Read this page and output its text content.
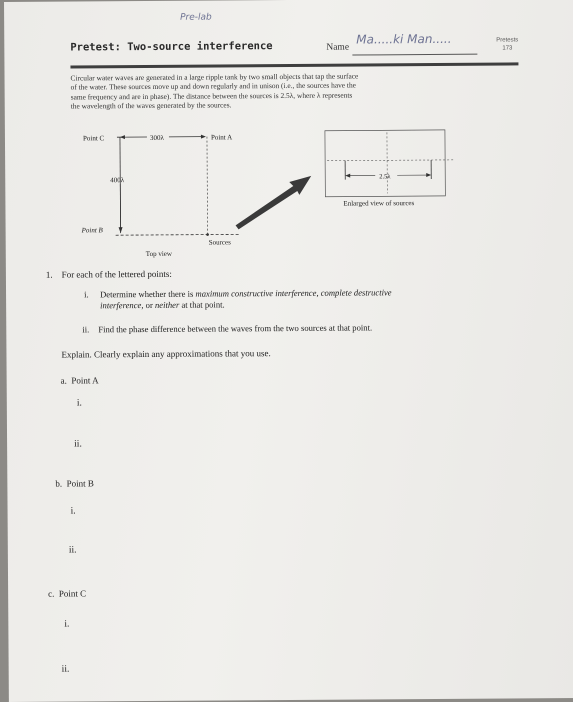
Pre-lab
Pretest: Two-source interference	Name
Ma.....ki Man.....	Pretests
173
Circular water waves are generated in a large ripple tank by two small objects that tap the surface
of the water. These sources move up and down regularly and in unison (i.e., the sources have the
same frequency and are in phase). The distance between the sources is 2.5λ, where λ represents
the wavelength of the waves generated by the sources.
Point C	300λ	Point A
400λ
Point B
Sources
Top view
2.5λ
Enlarged view of sources
1. For each of the lettered points:
i. Determine whether there is maximum constructive interference, complete destructive
interference, or neither at that point.
ii. Find the phase difference between the waves from the two sources at that point.
Explain. Clearly explain any approximations that you use.
a. Point A
i.
ii.
b. Point B
i.
ii.
c. Point C
i.
ii.
